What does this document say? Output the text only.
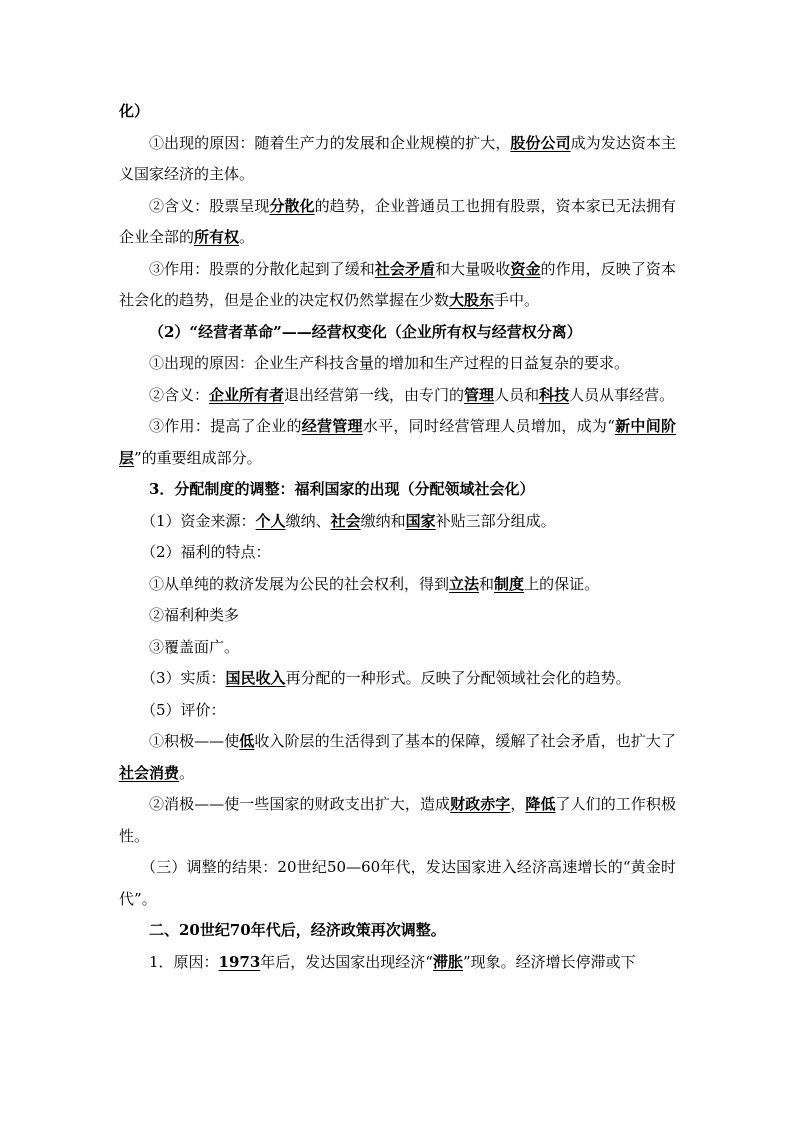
化）

①出现的原因：随着生产力的发展和企业规模的扩大，股份公司成为发达资本主义国家经济的主体。

②含义：股票呈现分散化的趋势，企业普通员工也拥有股票，资本家已无法拥有企业全部的所有权。

③作用：股票的分散化起到了缓和社会矛盾和大量吸收资金的作用，反映了资本社会化的趋势，但是企业的决定权仍然掌握在少数大股东手中。

（2）“经营者革命”——经营权变化（企业所有权与经营权分离）

①出现的原因：企业生产科技含量的增加和生产过程的日益复杂的要求。

②含义：企业所有者退出经营第一线，由专门的管理人员和科技人员从事经营。

③作用：提高了企业的经营管理水平，同时经营管理人员增加，成为“新中间阶层”的重要组成部分。

3．分配制度的调整：福利国家的出现（分配领域社会化）

（1）资金来源：个人缴纳、社会缴纳和国家补贴三部分组成。

（2）福利的特点：

①从单纯的救济发展为公民的社会权利，得到立法和制度上的保证。

②福利种类多

③覆盖面广。

（3）实质：国民收入再分配的一种形式。反映了分配领域社会化的趋势。

（5）评价：

①积极——使低收入阶层的生活得到了基本的保障，缓解了社会矛盾，也扩大了社会消费。

②消极——使一些国家的财政支出扩大，造成财政赤字，降低了人们的工作积极性。

（三）调整的结果：20世纪50—60年代，发达国家进入经济高速增长的“黄金时代”。

二、20世纪70年代后，经济政策再次调整。

1．原因：1973年后，发达国家出现经济“滞胀”现象。经济增长停滞或下
